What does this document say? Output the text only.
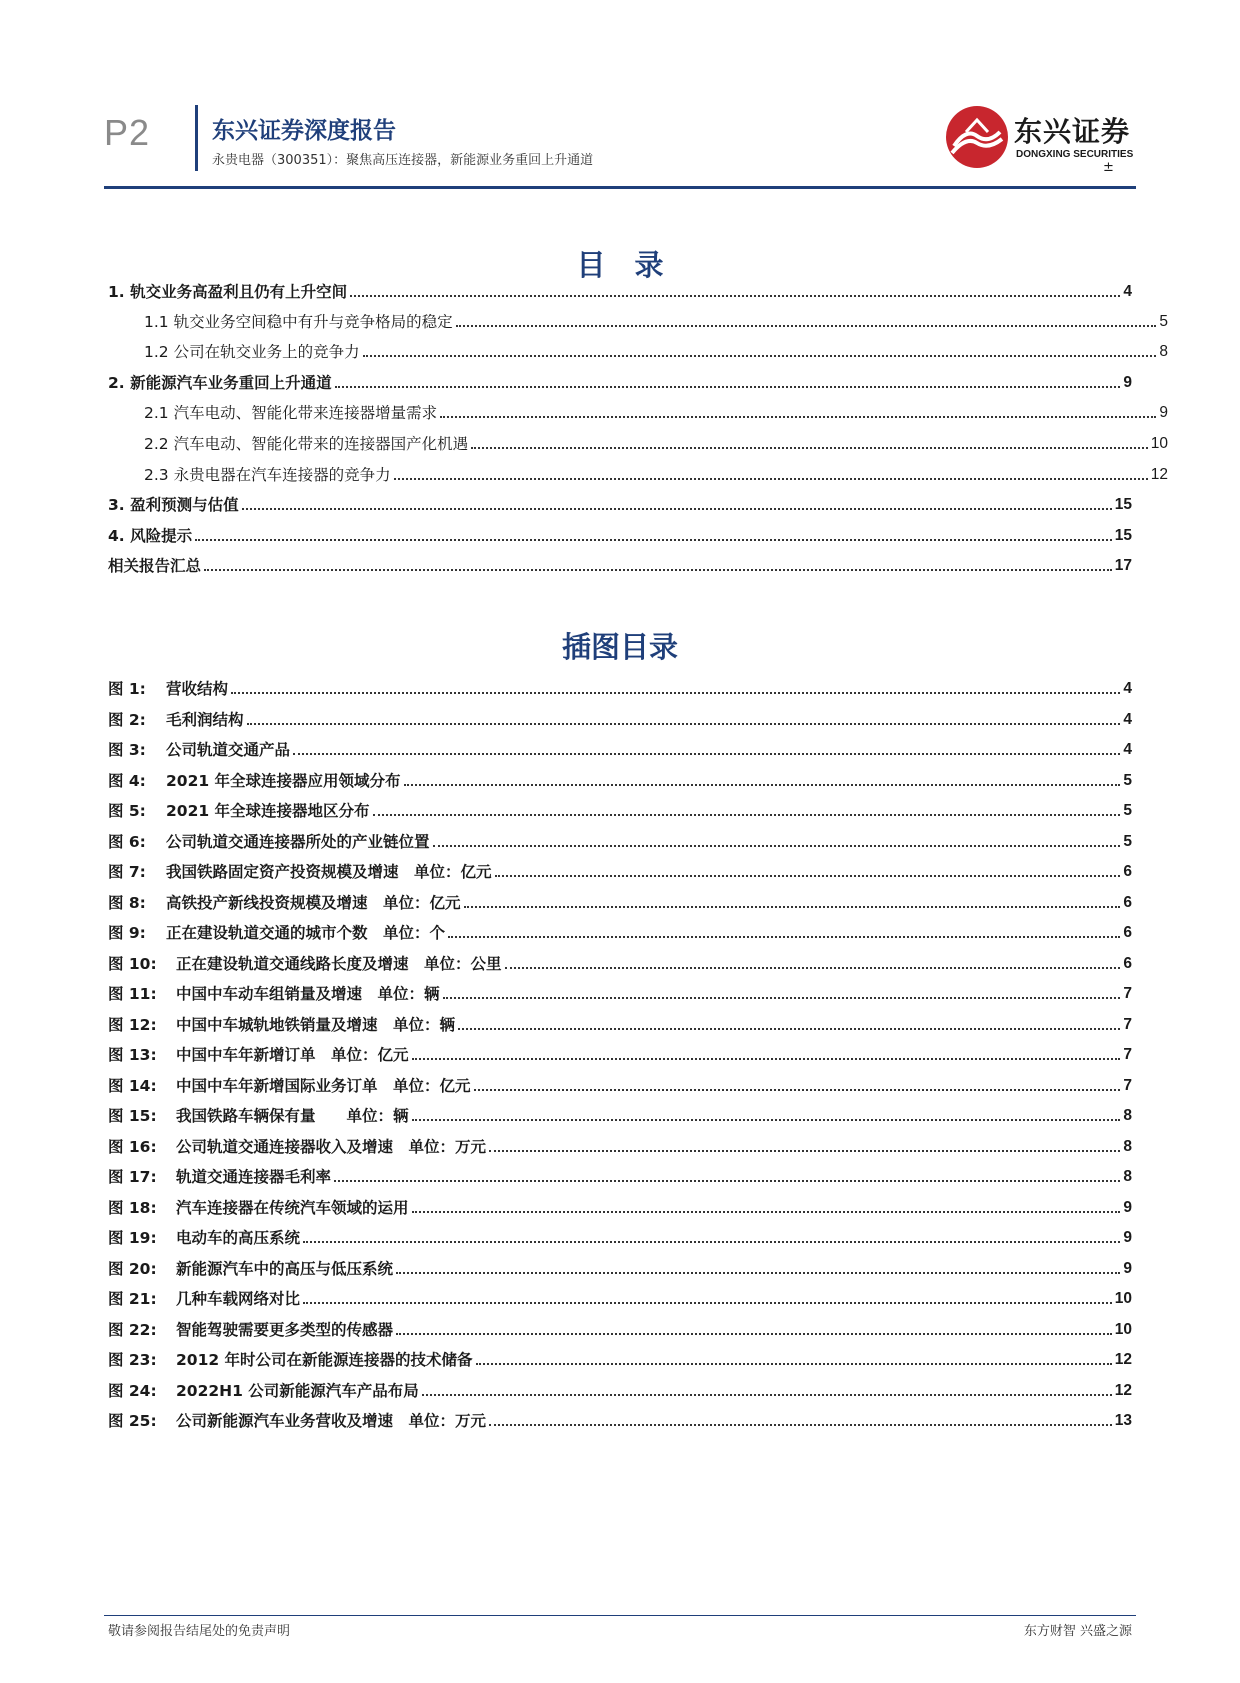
P2	东兴证券深度报告
永贵电器（300351）：聚焦高压连接器，新能源业务重回上升通道
东兴证券
DONGXING SECURITIES
±
目　录
1. 轨交业务高盈利且仍有上升空间	4
1.1 轨交业务空间稳中有升与竞争格局的稳定	5
1.2 公司在轨交业务上的竞争力	8
2. 新能源汽车业务重回上升通道	9
2.1 汽车电动、智能化带来连接器增量需求	9
2.2 汽车电动、智能化带来的连接器国产化机遇	10
2.3 永贵电器在汽车连接器的竞争力	12
3. 盈利预测与估值	15
4. 风险提示	15
相关报告汇总	17
插图目录
图 1: 营收结构	4
图 2: 毛利润结构	4
图 3: 公司轨道交通产品	4
图 4: 2021 年全球连接器应用领域分布	5
图 5: 2021 年全球连接器地区分布	5
图 6: 公司轨道交通连接器所处的产业链位置	5
图 7: 我国铁路固定资产投资规模及增速　单位：亿元	6
图 8: 高铁投产新线投资规模及增速　单位：亿元	6
图 9: 正在建设轨道交通的城市个数　单位：个	6
图 10: 正在建设轨道交通线路长度及增速　单位：公里	6
图 11: 中国中车动车组销量及增速　单位：辆	7
图 12: 中国中车城轨地铁销量及增速　单位：辆	7
图 13: 中国中车年新增订单　单位：亿元	7
图 14: 中国中车年新增国际业务订单　单位：亿元	7
图 15: 我国铁路车辆保有量　　单位：辆	8
图 16: 公司轨道交通连接器收入及增速　单位：万元	8
图 17: 轨道交通连接器毛利率	8
图 18: 汽车连接器在传统汽车领域的运用	9
图 19: 电动车的高压系统	9
图 20: 新能源汽车中的高压与低压系统	9
图 21: 几种车载网络对比	10
图 22: 智能驾驶需要更多类型的传感器	10
图 23: 2012 年时公司在新能源连接器的技术储备	12
图 24: 2022H1 公司新能源汽车产品布局	12
图 25: 公司新能源汽车业务营收及增速　单位：万元	13
敬请参阅报告结尾处的免责声明	东方财智 兴盛之源
